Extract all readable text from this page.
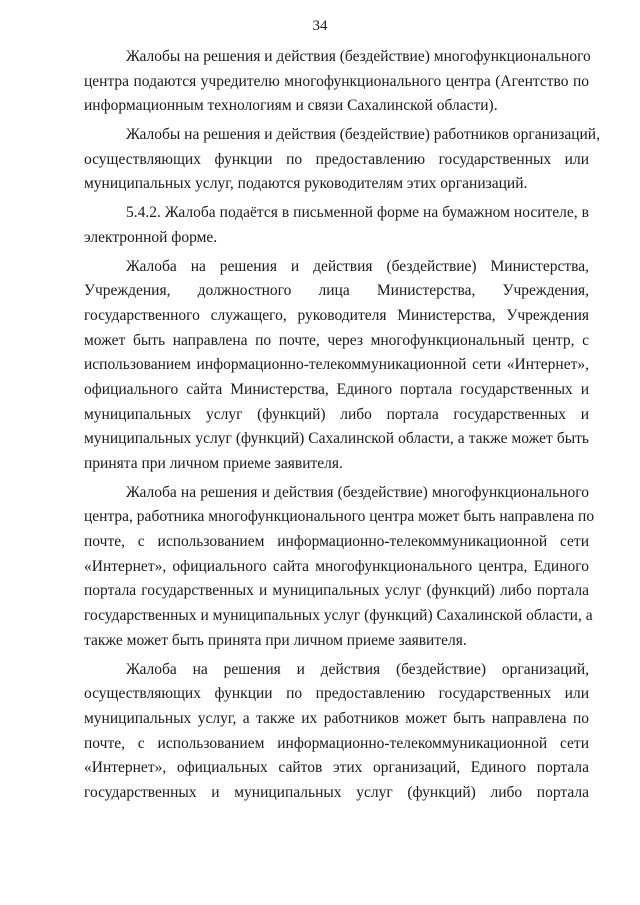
34
Жалобы на решения и действия (бездействие) многофункционального
центра подаются учредителю многофункционального центра (Агентство по
информационным технологиям и связи Сахалинской области).
Жалобы на решения и действия (бездействие) работников организаций,
осуществляющих функции по предоставлению государственных или
муниципальных услуг, подаются руководителям этих организаций.
5.4.2. Жалоба подаётся в письменной форме на бумажном носителе, в
электронной форме.
Жалоба на решения и действия (бездействие) Министерства,
Учреждения, должностного лица Министерства, Учреждения,
государственного служащего, руководителя Министерства, Учреждения
может быть направлена по почте, через многофункциональный центр, с
использованием информационно-телекоммуникационной сети «Интернет»,
официального сайта Министерства, Единого портала государственных и
муниципальных услуг (функций) либо портала государственных и
муниципальных услуг (функций) Сахалинской области, а также может быть
принята при личном приеме заявителя.
Жалоба на решения и действия (бездействие) многофункционального
центра, работника многофункционального центра может быть направлена по
почте, с использованием информационно-телекоммуникационной сети
«Интернет», официального сайта многофункционального центра, Единого
портала государственных и муниципальных услуг (функций) либо портала
государственных и муниципальных услуг (функций) Сахалинской области, а
также может быть принята при личном приеме заявителя.
Жалоба на решения и действия (бездействие) организаций,
осуществляющих функции по предоставлению государственных или
муниципальных услуг, а также их работников может быть направлена по
почте, с использованием информационно-телекоммуникационной сети
«Интернет», официальных сайтов этих организаций, Единого портала
государственных и муниципальных услуг (функций) либо портала
